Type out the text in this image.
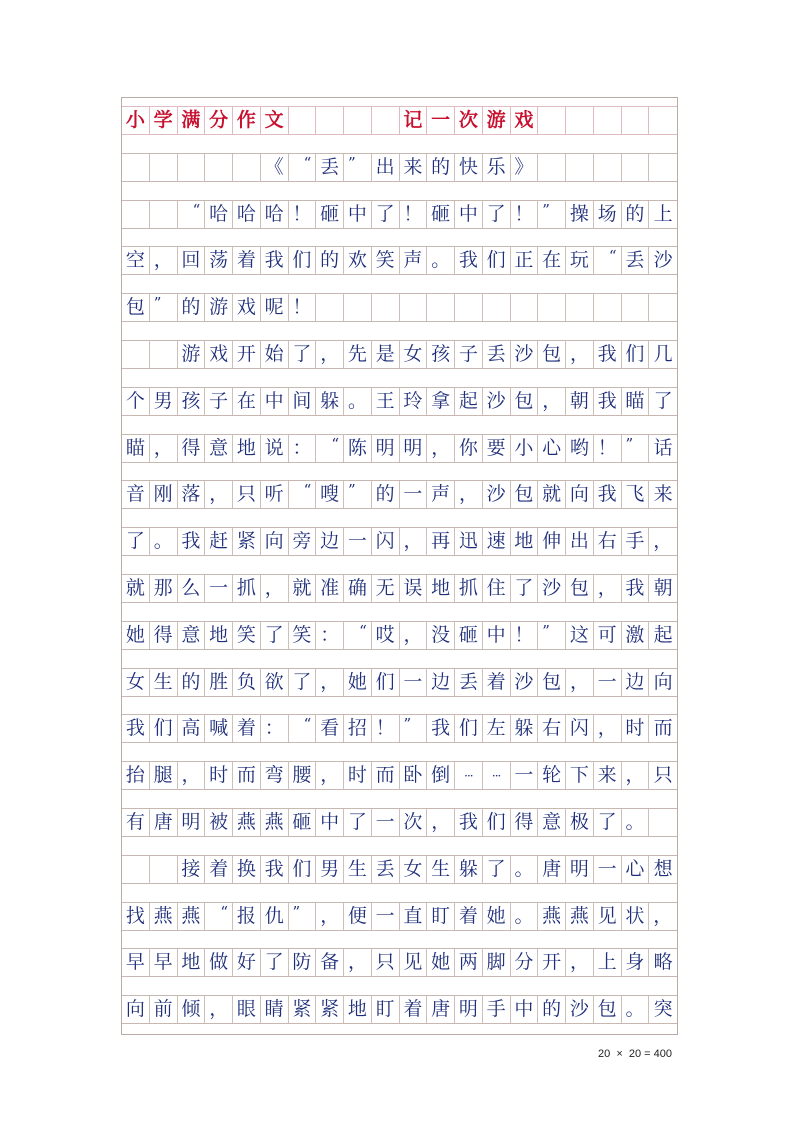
小 学 满 分 作 文	记 一 次 游 戏
《	“ 丢 ”	出 来 的 快 乐 》
“ 哈 哈 哈 ！ 砸 中 了 ！ 砸 中 了 ！ ”	操 场 的 上
空 ， 回 荡 着 我 们 的 欢 笑 声 。 我 们 正 在 玩	“ 丢 沙
包 ”	的 游 戏 呢 ！
游 戏 开 始 了 ， 先 是 女 孩 子 丢 沙 包 ， 我 们 几
个 男 孩 子 在 中 间 躲 。 王 玲 拿 起 沙 包 ， 朝 我 瞄 了
瞄 ， 得 意 地 说 ：	“ 陈 明 明 ， 你 要 小 心 哟 ！ ”	话
音 刚 落 ， 只 听	“ 嗖 ”	的 一 声 ， 沙 包 就 向 我 飞 来
了 。 我 赶 紧 向 旁 边 一 闪 ， 再 迅 速 地 伸 出 右 手 ，
就 那 么 一 抓 ， 就 准 确 无 误 地 抓 住 了 沙 包 ， 我 朝
她 得 意 地 笑 了 笑 ：	“ 哎 ， 没 砸 中 ！ ”	这 可 激 起
女 生 的 胜 负 欲 了 ， 她 们 一 边 丢 着 沙 包 ， 一 边 向
我 们 高 喊 着 ：	“ 看 招 ！ ”	我 们 左 躲 右 闪 ， 时 而
抬 腿 ， 时 而 弯 腰 ， 时 而 卧 倒	···	··· 一 轮 下 来 ， 只
有 唐 明 被 燕 燕 砸 中 了 一 次 ， 我 们 得 意 极 了 。
接 着 换 我 们 男 生 丢 女 生 躲 了 。 唐 明 一 心 想
找 燕 燕	“ 报 仇 ”	， 便 一 直 盯 着 她 。 燕 燕 见 状 ，
早 早 地 做 好 了 防 备 ， 只 见 她 两 脚 分 开 ， 上 身 略
向 前 倾 ， 眼 睛 紧 紧 地 盯 着 唐 明 手 中 的 沙 包 。 突
20  ×  20 = 400
